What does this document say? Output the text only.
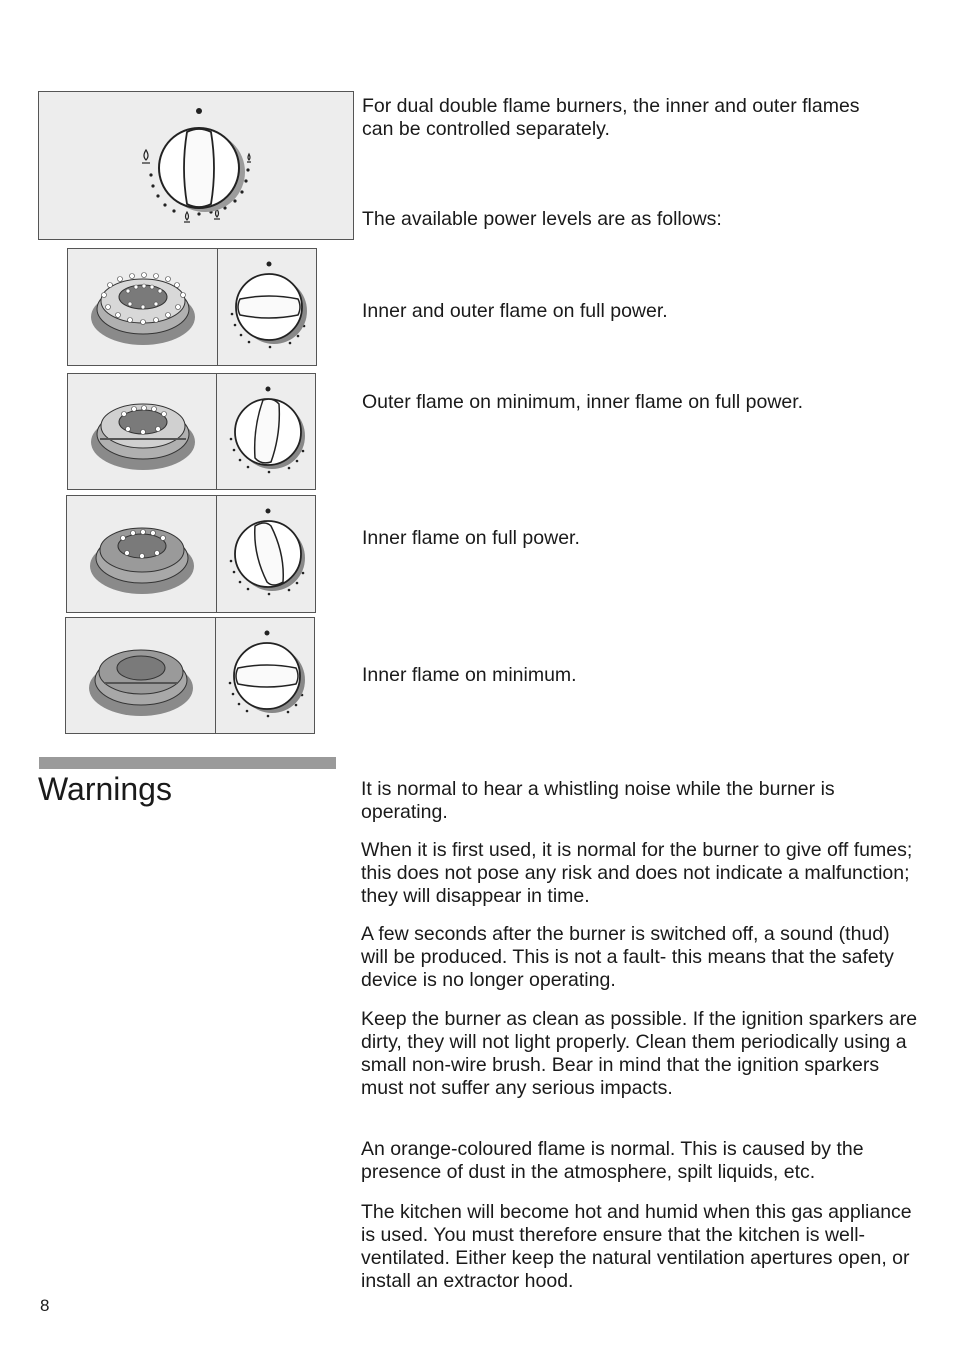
For dual double flame burners, the inner and outer flames can be controlled separately.

The available power levels are as follows:

Inner and outer flame on full power.

Outer flame on minimum, inner flame on full power.

Inner flame on full power.

Inner flame on minimum.

Warnings	It is normal to hear a whistling noise while the burner is operating.

When it is first used, it is normal for the burner to give off fumes; this does not pose any risk and does not indicate a malfunction; they will disappear in time.

A few seconds after the burner is switched off, a sound (thud) will be produced. This is not a fault- this means that the safety device is no longer operating.

Keep the burner as clean as possible. If the ignition sparkers are dirty, they will not light properly. Clean them periodically using a small non-wire brush. Bear in mind that the ignition sparkers must not suffer any serious impacts.

An orange-coloured flame is normal. This is caused by the presence of dust in the atmosphere, spilt liquids, etc.

The kitchen will become hot and humid when this gas appliance is used. You must therefore ensure that the kitchen is well-ventilated. Either keep the natural ventilation apertures open, or install an extractor hood.

8
